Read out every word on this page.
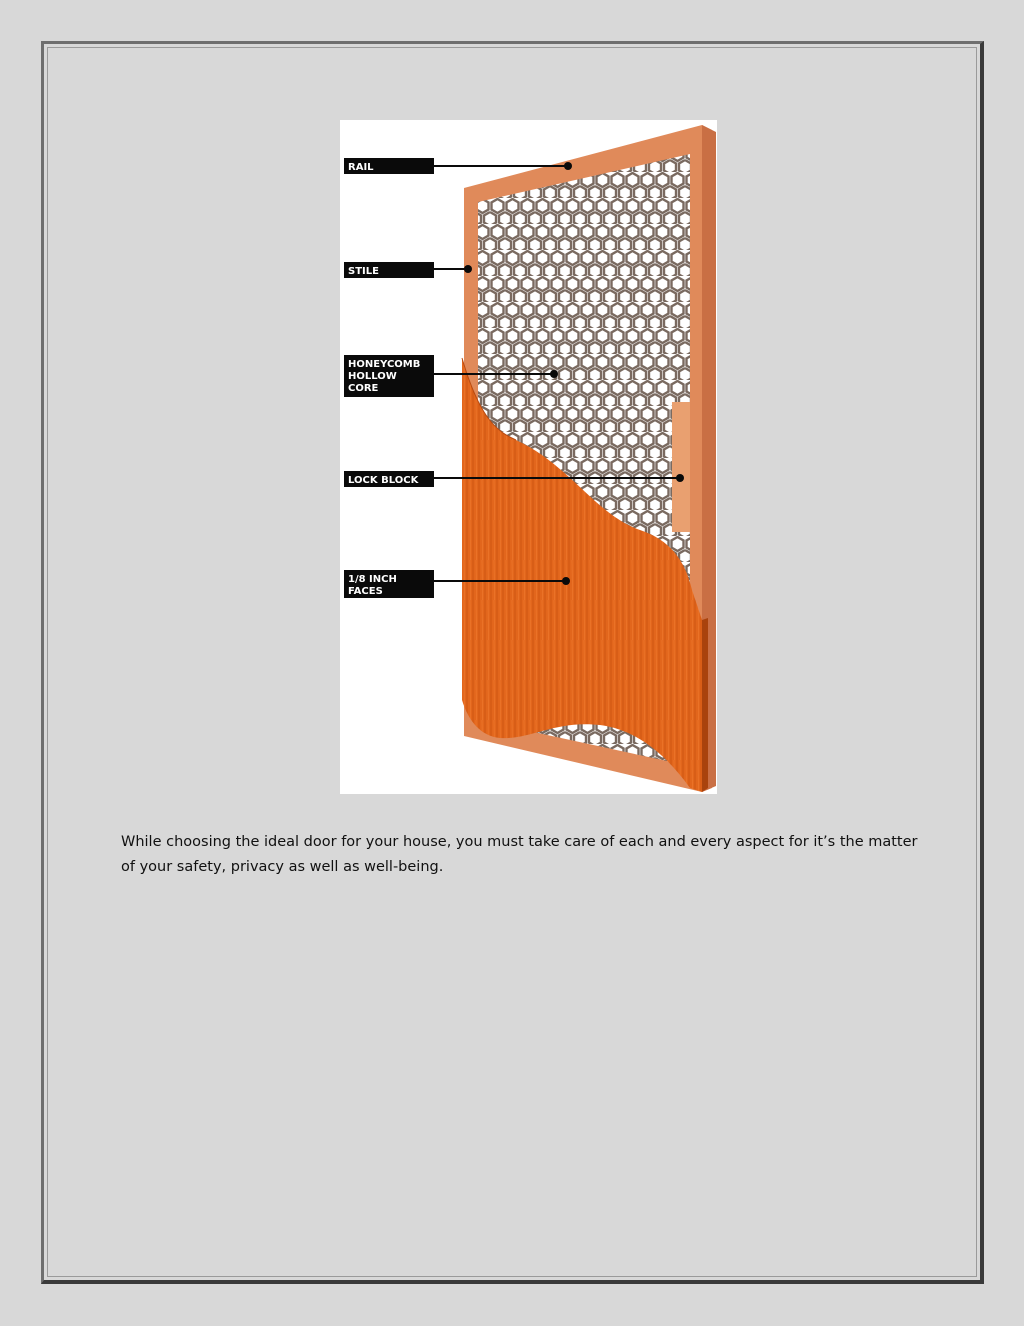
RAIL
STILE
HONEYCOMB
HOLLOW
CORE
LOCK BLOCK
1/8 INCH
FACES

While choosing the ideal door for your house, you must take care of each and every aspect for it’s the matter of your safety, privacy as well as well-being.
